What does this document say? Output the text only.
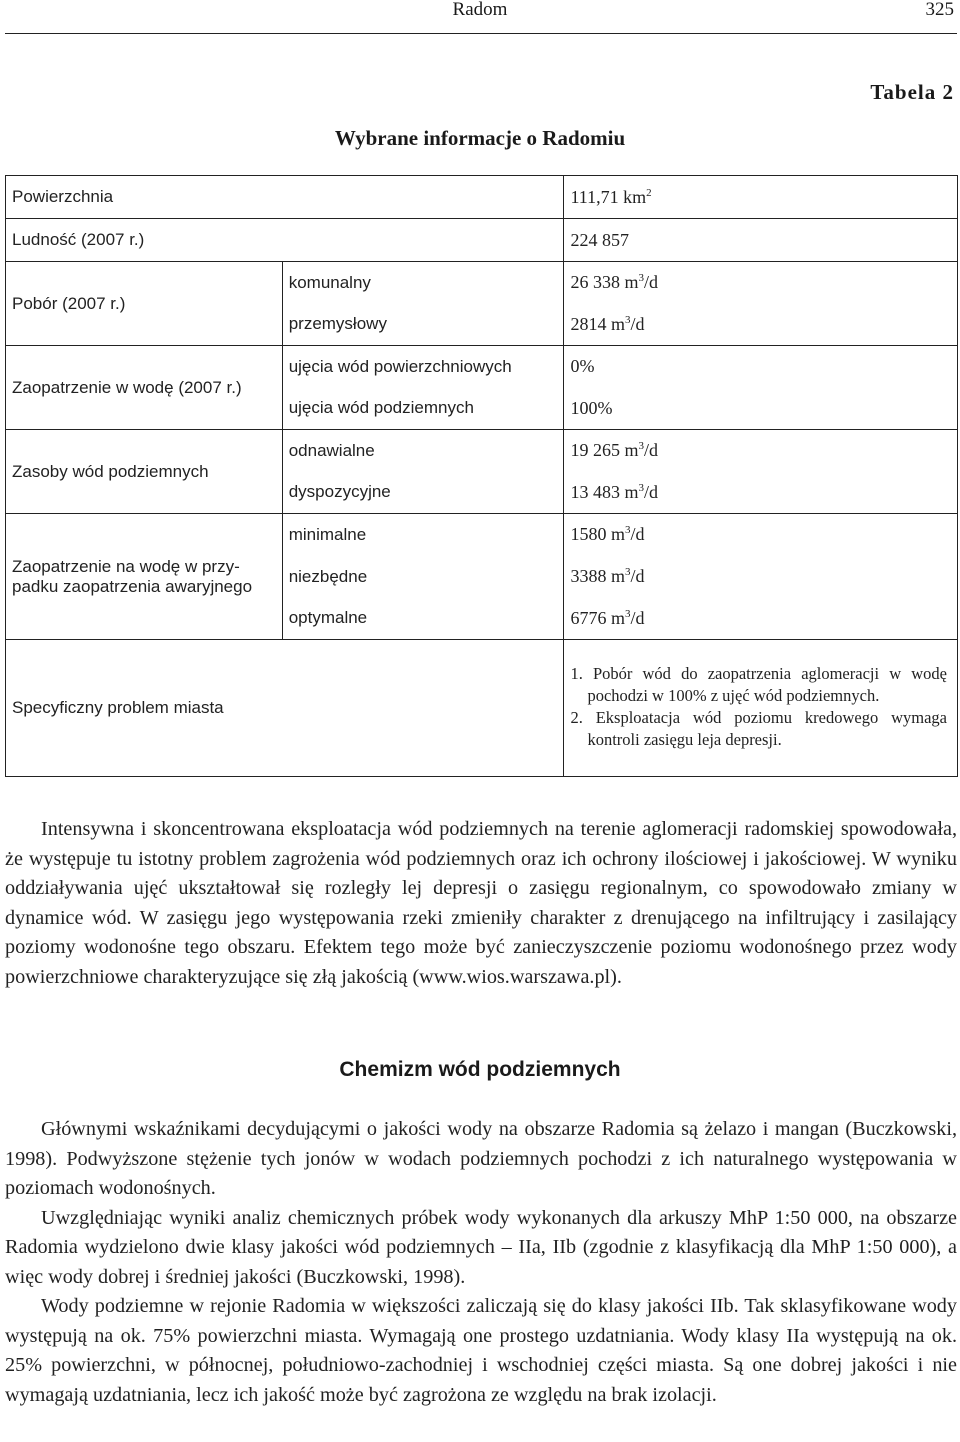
Radom	325
Tabela 2
Wybrane informacje o Radomiu
Powierzchnia		111,71 $km^2$
Ludność (2007 r.)		224 857
Pobór (2007 r.)	komunalny	26 338 $m^3/d$
	przemysłowy	2814 $m^3/d$
Zaopatrzenie w wodę (2007 r.)	ujęcia wód powierzchniowych	0%
	ujęcia wód podziemnych	100%
Zasoby wód podziemnych	odnawialne	19 265 $m^3/d$
	dyspozycyjne	13 483 $m^3/d$
Zaopatrzenie na wodę w przy-
padku zaopatrzenia awaryjnego	minimalne	1580 $m^3/d$
	niezbędne	3388 $m^3/d$
	optymalne	6776 $m^3/d$
Specyficzny problem miasta		1. Pobór wód do zaopatrzenia aglomeracji w wodę pochodzi w 100% z ujęć wód podziemnych.
2. Eksploatacja wód poziomu kredowego wymaga kontroli zasięgu leja depresji.

Intensywna i skoncentrowana eksploatacja wód podziemnych na terenie aglomeracji radomskiej spowodowała, że występuje tu istotny problem zagrożenia wód podziemnych oraz ich ochrony ilościowej i jakościowej. W wyniku oddziaływania ujęć ukształtował się rozległy lej depresji o zasięgu regionalnym, co spowodowało zmiany w dynamice wód. W zasięgu jego występowania rzeki zmieniły charakter z drenującego na infiltrujący i zasilający poziomy wodonośne tego obszaru. Efektem tego może być zanieczyszczenie poziomu wodonośnego przez wody powierzchniowe charakteryzujące się złą jakością (www.wios.warszawa.pl).

Chemizm wód podziemnych

Głównymi wskaźnikami decydującymi o jakości wody na obszarze Radomia są żelazo i mangan (Buczkowski, 1998). Podwyższone stężenie tych jonów w wodach podziemnych pochodzi z ich naturalnego występowania w poziomach wodonośnych.

Uwzględniając wyniki analiz chemicznych próbek wody wykonanych dla arkuszy MhP 1:50 000, na obszarze Radomia wydzielono dwie klasy jakości wód podziemnych – IIa, IIb (zgodnie z klasyfikacją dla MhP 1:50 000), a więc wody dobrej i średniej jakości (Buczkowski, 1998).

Wody podziemne w rejonie Radomia w większości zaliczają się do klasy jakości IIb. Tak sklasyfikowane wody występują na ok. 75% powierzchni miasta. Wymagają one prostego uzdatniania. Wody klasy IIa występują na ok. 25% powierzchni, w północnej, południowo-zachodniej i wschodniej części miasta. Są one dobrej jakości i nie wymagają uzdatniania, lecz ich jakość może być zagrożona ze względu na brak izolacji.
